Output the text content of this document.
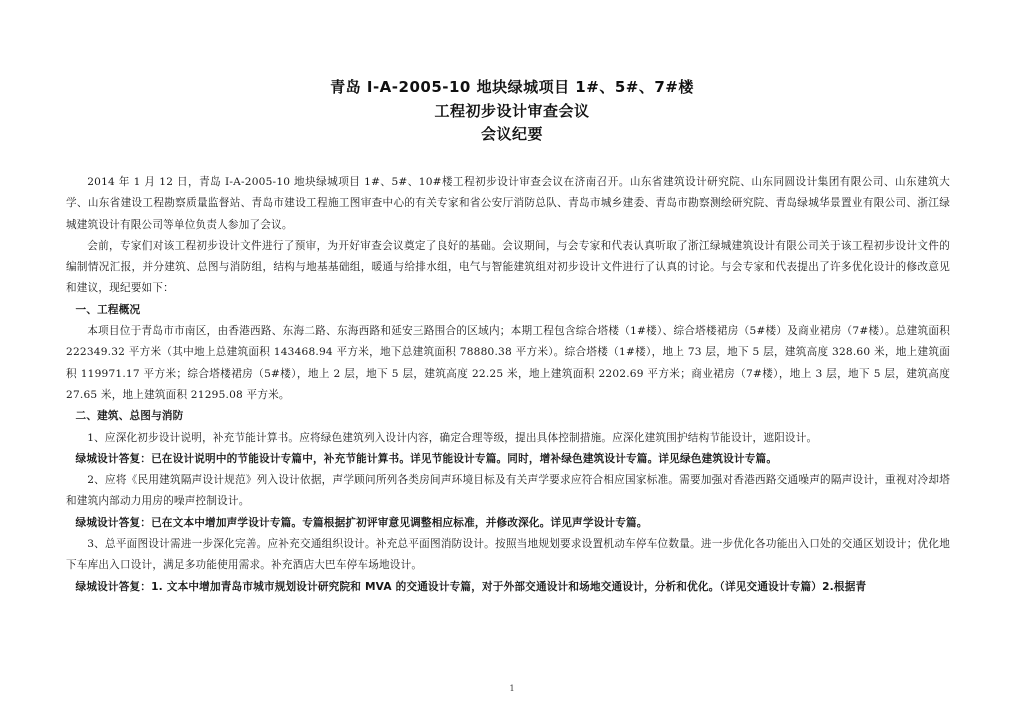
青岛 I-A-2005-10 地块绿城项目 1#、5#、7#楼
工程初步设计审查会议
会议纪要

2014 年 1 月 12 日，青岛 I-A-2005-10 地块绿城项目 1#、5#、10#楼工程初步设计审查会议在济南召开。山东省建筑设计研究院、山东同圆设计集团有限公司、山东建筑大学、山东省建设工程勘察质量监督站、青岛市建设工程施工图审查中心的有关专家和省公安厅消防总队、青岛市城乡建委、青岛市勘察测绘研究院、青岛绿城华景置业有限公司、浙江绿城建筑设计有限公司等单位负责人参加了会议。

会前，专家们对该工程初步设计文件进行了预审，为开好审查会议奠定了良好的基础。会议期间，与会专家和代表认真听取了浙江绿城建筑设计有限公司关于该工程初步设计文件的编制情况汇报，并分建筑、总图与消防组，结构与地基基础组，暖通与给排水组，电气与智能建筑组对初步设计文件进行了认真的讨论。与会专家和代表提出了许多优化设计的修改意见和建议，现纪要如下：

一、工程概况

本项目位于青岛市市南区，由香港西路、东海二路、东海西路和延安三路围合的区域内；本期工程包含综合塔楼（1#楼）、综合塔楼裙房（5#楼）及商业裙房（7#楼）。总建筑面积 222349.32 平方米（其中地上总建筑面积 143468.94 平方米，地下总建筑面积 78880.38 平方米）。综合塔楼（1#楼），地上 73 层，地下 5 层，建筑高度 328.60 米，地上建筑面积 119971.17 平方米；综合塔楼裙房（5#楼），地上 2 层，地下 5 层，建筑高度 22.25 米，地上建筑面积 2202.69 平方米；商业裙房（7#楼），地上 3 层，地下 5 层，建筑高度 27.65 米，地上建筑面积 21295.08 平方米。

二、建筑、总图与消防

1、应深化初步设计说明，补充节能计算书。应将绿色建筑列入设计内容，确定合理等级，提出具体控制措施。应深化建筑围护结构节能设计，遮阳设计。

绿城设计答复：已在设计说明中的节能设计专篇中，补充节能计算书。详见节能设计专篇。同时，增补绿色建筑设计专篇。详见绿色建筑设计专篇。

2、应将《民用建筑隔声设计规范》列入设计依据，声学顾问所列各类房间声环境目标及有关声学要求应符合相应国家标准。需要加强对香港西路交通噪声的隔声设计，重视对冷却塔和建筑内部动力用房的噪声控制设计。

绿城设计答复：已在文本中增加声学设计专篇。专篇根据扩初评审意见调整相应标准，并修改深化。详见声学设计专篇。

3、总平面图设计需进一步深化完善。应补充交通组织设计。补充总平面图消防设计。按照当地规划要求设置机动车停车位数量。进一步优化各功能出入口处的交通区划设计；优化地下车库出入口设计，满足多功能使用需求。补充酒店大巴车停车场地设计。

绿城设计答复：1. 文本中增加青岛市城市规划设计研究院和 MVA 的交通设计专篇，对于外部交通设计和场地交通设计，分析和优化。（详见交通设计专篇）2.根据青

1
